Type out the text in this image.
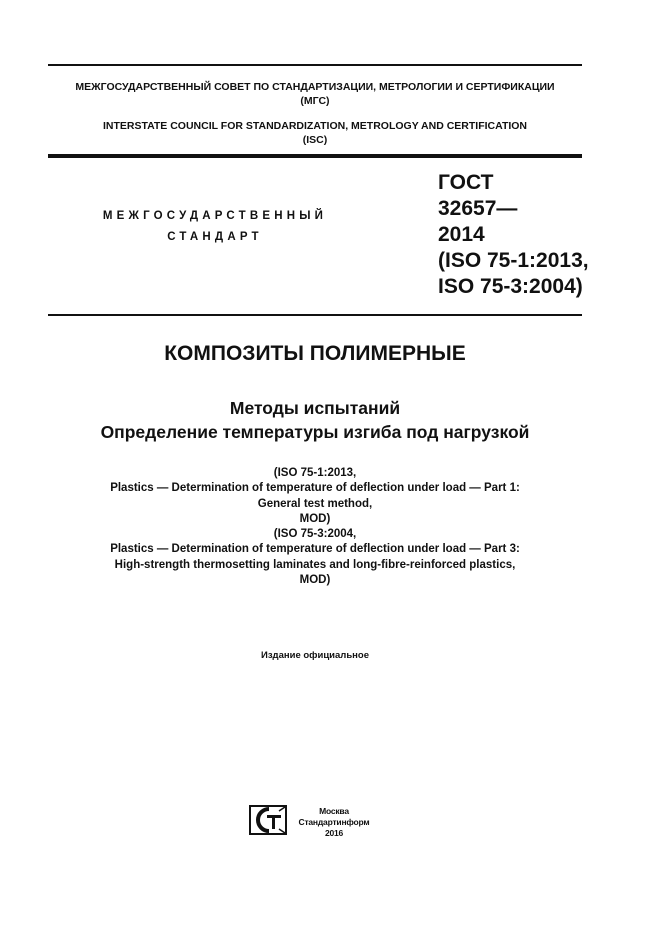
МЕЖГОСУДАРСТВЕННЫЙ СОВЕТ ПО СТАНДАРТИЗАЦИИ, МЕТРОЛОГИИ И СЕРТИФИКАЦИИ
(МГС)
INTERSTATE COUNCIL FOR STANDARDIZATION, METROLOGY AND CERTIFICATION
(ISC)
МЕЖГОСУДАРСТВЕННЫЙ
СТАНДАРТ
ГОСТ
32657—
2014
(ISO 75-1:2013,
ISO 75-3:2004)
КОМПОЗИТЫ ПОЛИМЕРНЫЕ
Методы испытаний
Определение температуры изгиба под нагрузкой
(ISO 75-1:2013,
Plastics — Determination of temperature of deflection under load — Part 1:
General test method,
MOD)
(ISO 75-3:2004,
Plastics — Determination of temperature of deflection under load — Part 3:
High-strength thermosetting laminates and long-fibre-reinforced plastics,
MOD)
Издание официальное
Москва
Стандартинформ
2016
